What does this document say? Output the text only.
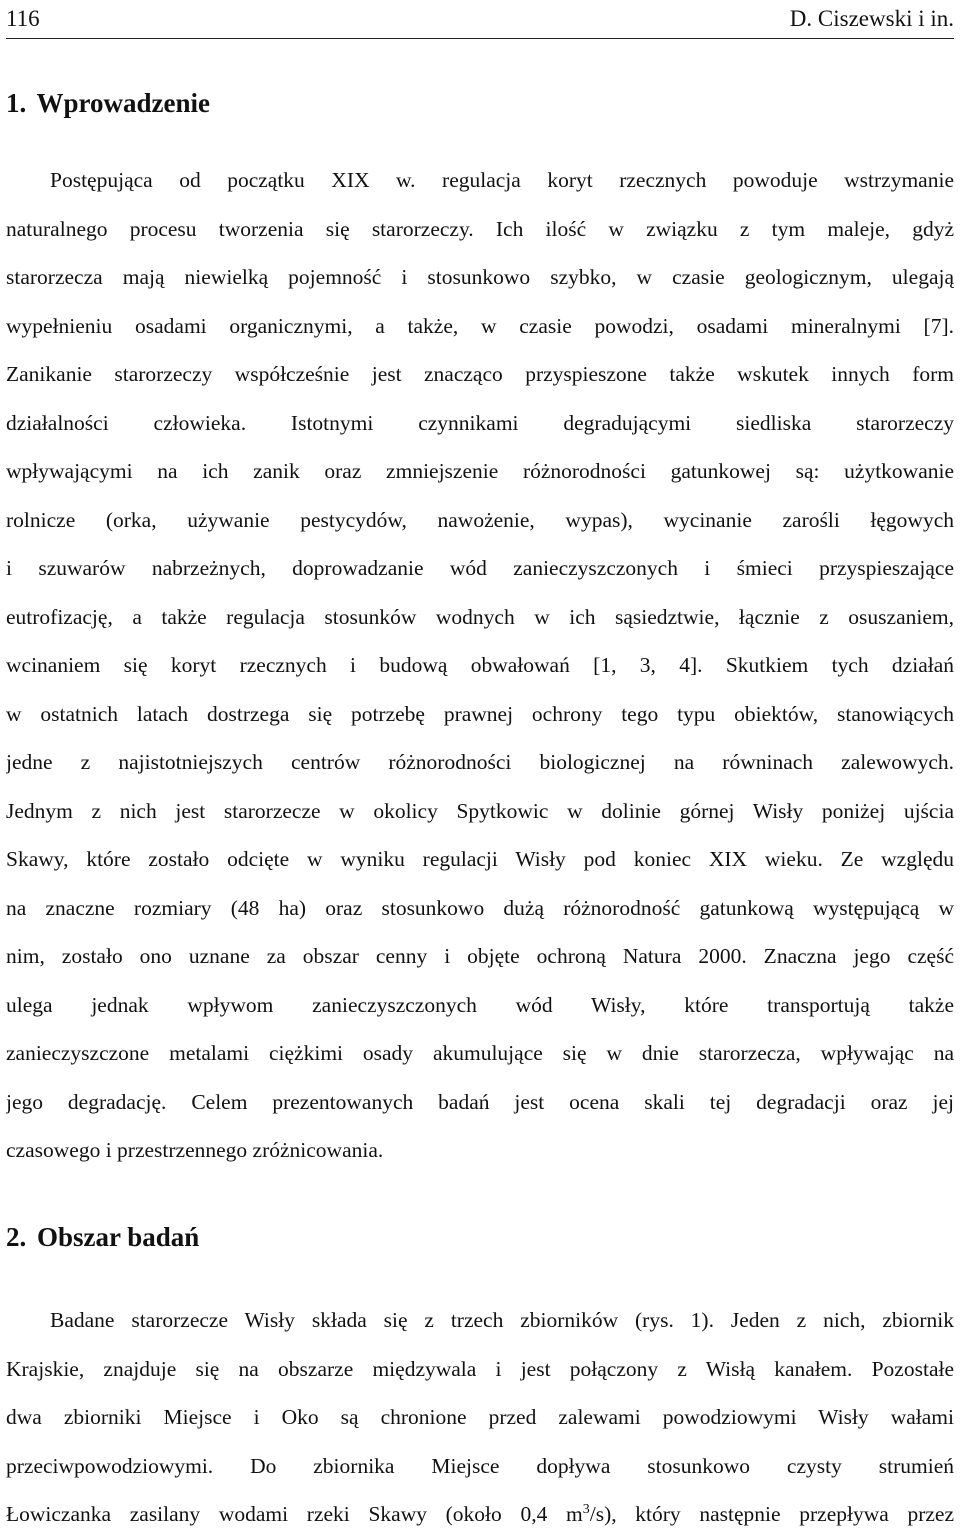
116	D. Ciszewski i in.
1. Wprowadzenie
Postępująca od początku XIX w. regulacja koryt rzecznych powoduje wstrzymanie
naturalnego procesu tworzenia się starorzeczy. Ich ilość w związku z tym maleje, gdyż
starorzecza mają niewielką pojemność i stosunkowo szybko, w czasie geologicznym, ulegają
wypełnieniu osadami organicznymi, a także, w czasie powodzi, osadami mineralnymi [7].
Zanikanie starorzeczy współcześnie jest znacząco przyspieszone także wskutek innych form
działalności człowieka. Istotnymi czynnikami degradującymi siedliska starorzeczy
wpływającymi na ich zanik oraz zmniejszenie różnorodności gatunkowej są: użytkowanie
rolnicze (orka, używanie pestycydów, nawożenie, wypas), wycinanie zarośli łęgowych
i szuwarów nabrzeżnych, doprowadzanie wód zanieczyszczonych i śmieci przyspieszające
eutrofizację, a także regulacja stosunków wodnych w ich sąsiedztwie, łącznie z osuszaniem,
wcinaniem się koryt rzecznych i budową obwałowań [1, 3, 4]. Skutkiem tych działań
w ostatnich latach dostrzega się potrzebę prawnej ochrony tego typu obiektów, stanowiących
jedne z najistotniejszych centrów różnorodności biologicznej na równinach zalewowych.
Jednym z nich jest starorzecze w okolicy Spytkowic w dolinie górnej Wisły poniżej ujścia
Skawy, które zostało odcięte w wyniku regulacji Wisły pod koniec XIX wieku. Ze względu
na znaczne rozmiary (48 ha) oraz stosunkowo dużą różnorodność gatunkową występującą w
nim, zostało ono uznane za obszar cenny i objęte ochroną Natura 2000. Znaczna jego część
ulega jednak wpływom zanieczyszczonych wód Wisły, które transportują także
zanieczyszczone metalami ciężkimi osady akumulujące się w dnie starorzecza, wpływając na
jego degradację. Celem prezentowanych badań jest ocena skali tej degradacji oraz jej
czasowego i przestrzennego zróżnicowania.
2. Obszar badań
Badane starorzecze Wisły składa się z trzech zbiorników (rys. 1). Jeden z nich, zbiornik
Krajskie, znajduje się na obszarze międzywala i jest połączony z Wisłą kanałem. Pozostałe
dwa zbiorniki Miejsce i Oko są chronione przed zalewami powodziowymi Wisły wałami
przeciwpowodziowymi. Do zbiornika Miejsce dopływa stosunkowo czysty strumień
Łowiczanka zasilany wodami rzeki Skawy (około 0,4 $m^3/s$), który następnie przepływa przez
